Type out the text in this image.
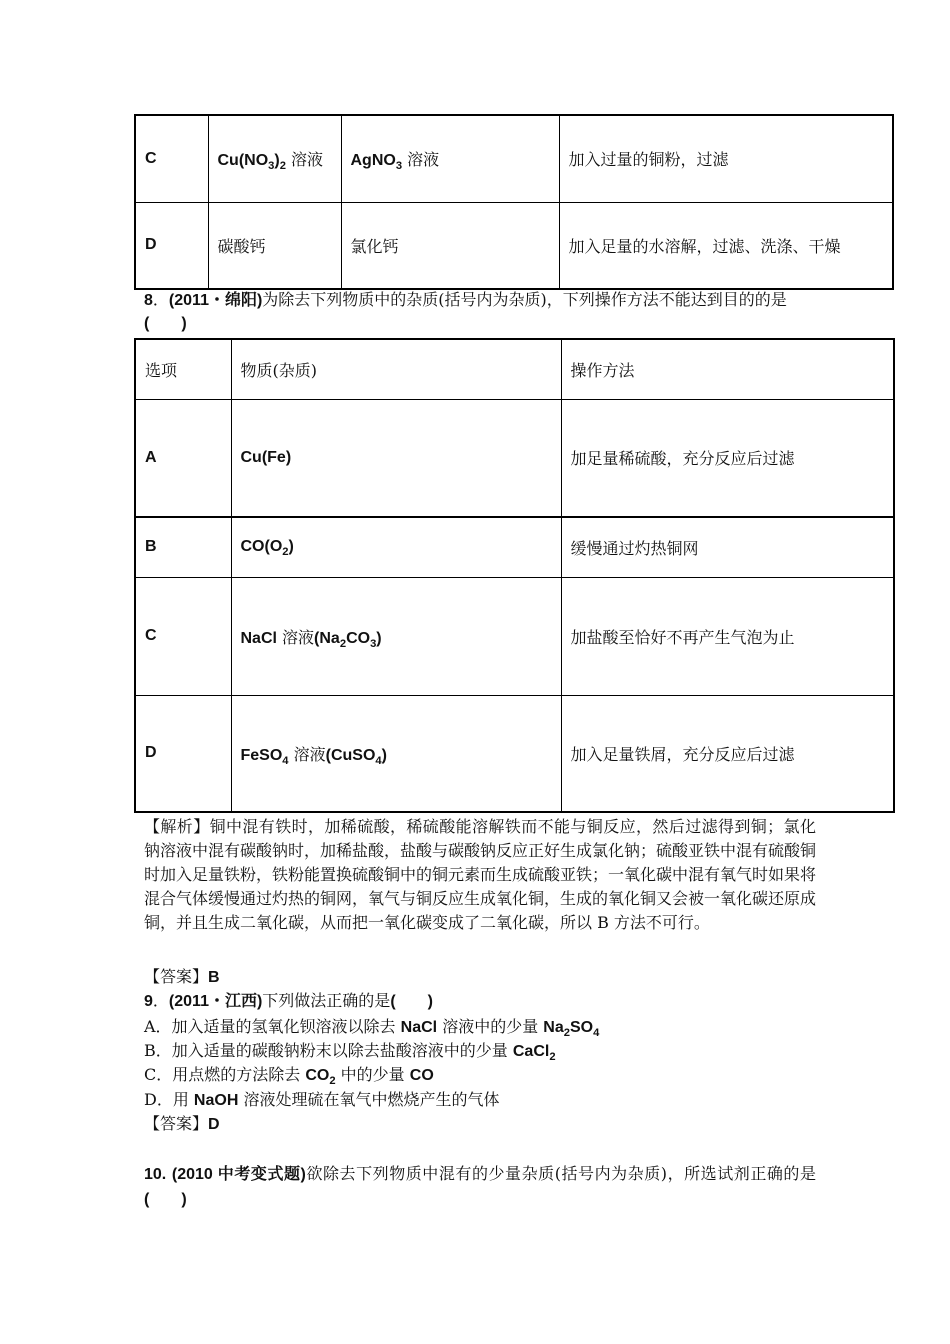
C	$Cu(NO_3)_2$ 溶液	AgNO$_3$ 溶液	加入过量的铜粉，过滤
D	碳酸钙	氯化钙	加入足量的水溶解，过滤、洗涤、干燥
8．(2011・绵阳)为除去下列物质中的杂质(括号内为杂质)，下列操作方法不能达到目的的是
(　　)
选项	物质(杂质)	操作方法
A	Cu(Fe)	加足量稀硫酸，充分反应后过滤
B	$CO(O_2)$	缓慢通过灼热铜网
C	NaCl 溶液$(Na_2CO_3)$	加盐酸至恰好不再产生气泡为止
D	FeSO$_4$ 溶液(CuSO$_4$)	加入足量铁屑，充分反应后过滤

【解析】铜中混有铁时，加稀硫酸，稀硫酸能溶解铁而不能与铜反应，然后过滤得到铜；氯化钠溶液中混有碳酸钠时，加稀盐酸，盐酸与碳酸钠反应正好生成氯化钠；硫酸亚铁中混有硫酸铜时加入足量铁粉，铁粉能置换硫酸铜中的铜元素而生成硫酸亚铁；一氧化碳中混有氧气时如果将混合气体缓慢通过灼热的铜网，氧气与铜反应生成氧化铜，生成的氧化铜又会被一氧化碳还原成铜，并且生成二氧化碳，从而把一氧化碳变成了二氧化碳，所以 B 方法不可行。

【答案】B
9．(2011・江西)下列做法正确的是(　　)
A．加入适量的氢氧化钡溶液以除去 NaCl 溶液中的少量 $Na_2SO_4$
B．加入适量的碳酸钠粉末以除去盐酸溶液中的少量 CaCl$_2$
C．用点燃的方法除去 $CO_2$ 中的少量 CO
D．用 NaOH 溶液处理硫在氧气中燃烧产生的气体
【答案】D

10. (2010 中考变式题)欲除去下列物质中混有的少量杂质(括号内为杂质)，所选试剂正确的是(　　)
